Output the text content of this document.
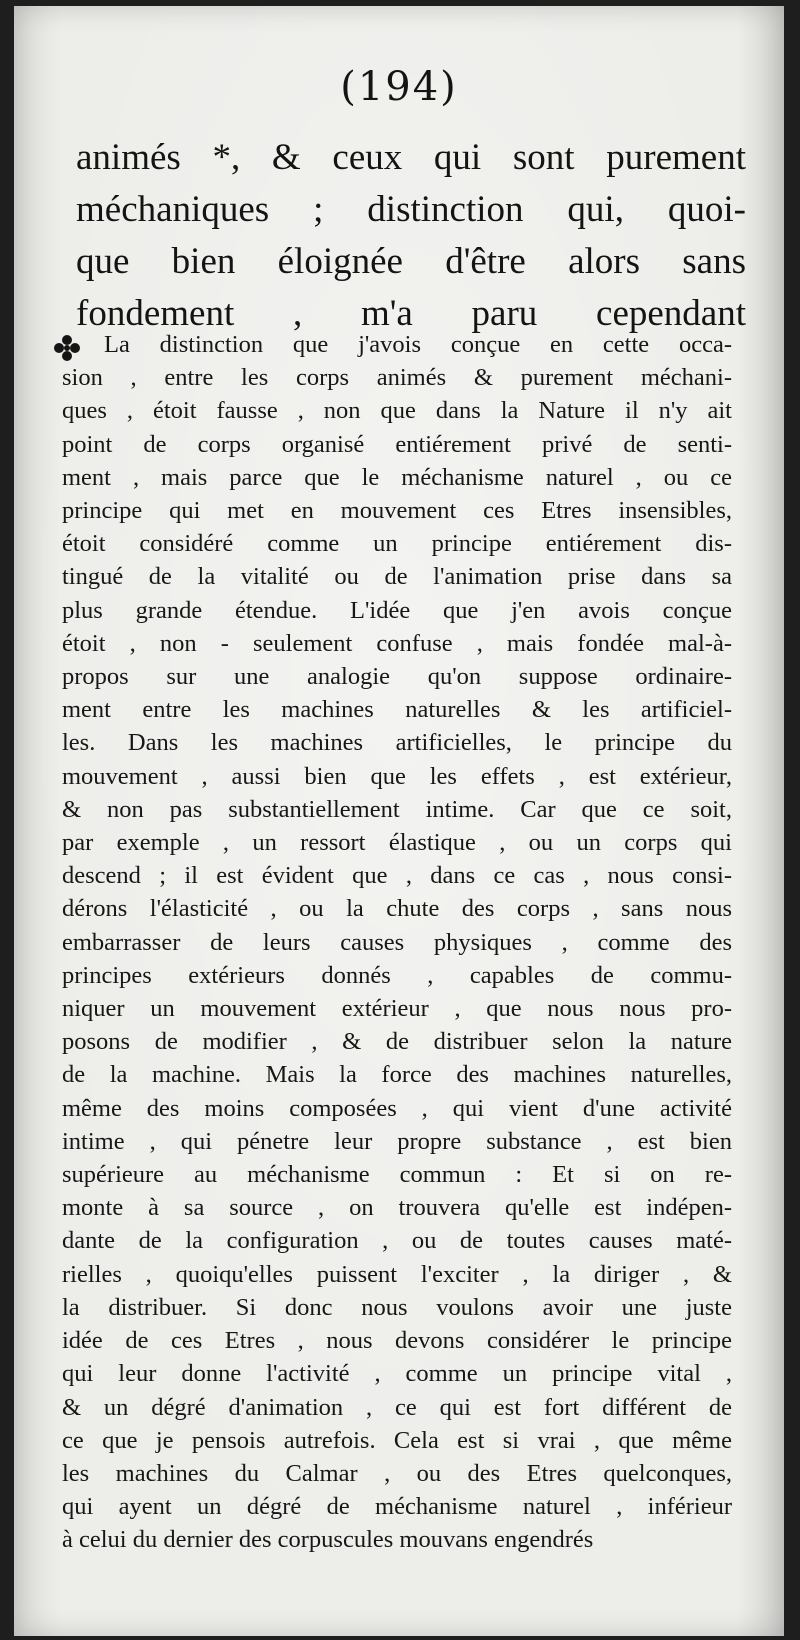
(194)
animés *, & ceux qui sont purement
méchaniques ; distinction qui, quoi-
que bien éloignée d'être alors sans
fondement , m'a paru cependant
La distinction que j'avois conçue en cette occa-
sion , entre les corps animés & purement méchani-
ques , étoit fausse , non que dans la Nature il n'y ait
point de corps organisé entiérement privé de senti-
ment , mais parce que le méchanisme naturel , ou ce
principe qui met en mouvement ces Etres insensibles,
étoit considéré comme un principe entiérement dis-
tingué de la vitalité ou de l'animation prise dans sa
plus grande étendue. L'idée que j'en avois conçue
étoit , non - seulement confuse , mais fondée mal-à-
propos sur une analogie qu'on suppose ordinaire-
ment entre les machines naturelles & les artificiel-
les. Dans les machines artificielles, le principe du
mouvement , aussi bien que les effets , est extérieur,
& non pas substantiellement intime. Car que ce soit,
par exemple , un ressort élastique , ou un corps qui
descend ; il est évident que , dans ce cas , nous consi-
dérons l'élasticité , ou la chute des corps , sans nous
embarrasser de leurs causes physiques , comme des
principes extérieurs donnés , capables de commu-
niquer un mouvement extérieur , que nous nous pro-
posons de modifier , & de distribuer selon la nature
de la machine. Mais la force des machines naturelles,
même des moins composées , qui vient d'une activité
intime , qui pénetre leur propre substance , est bien
supérieure au méchanisme commun : Et si on re-
monte à sa source , on trouvera qu'elle est indépen-
dante de la configuration , ou de toutes causes maté-
rielles , quoiqu'elles puissent l'exciter , la diriger , &
la distribuer. Si donc nous voulons avoir une juste
idée de ces Etres , nous devons considérer le principe
qui leur donne l'activité , comme un principe vital ,
& un dégré d'animation , ce qui est fort différent de
ce que je pensois autrefois. Cela est si vrai , que même
les machines du Calmar , ou des Etres quelconques,
qui ayent un dégré de méchanisme naturel , inférieur
à celui du dernier des corpuscules mouvans engendrés
